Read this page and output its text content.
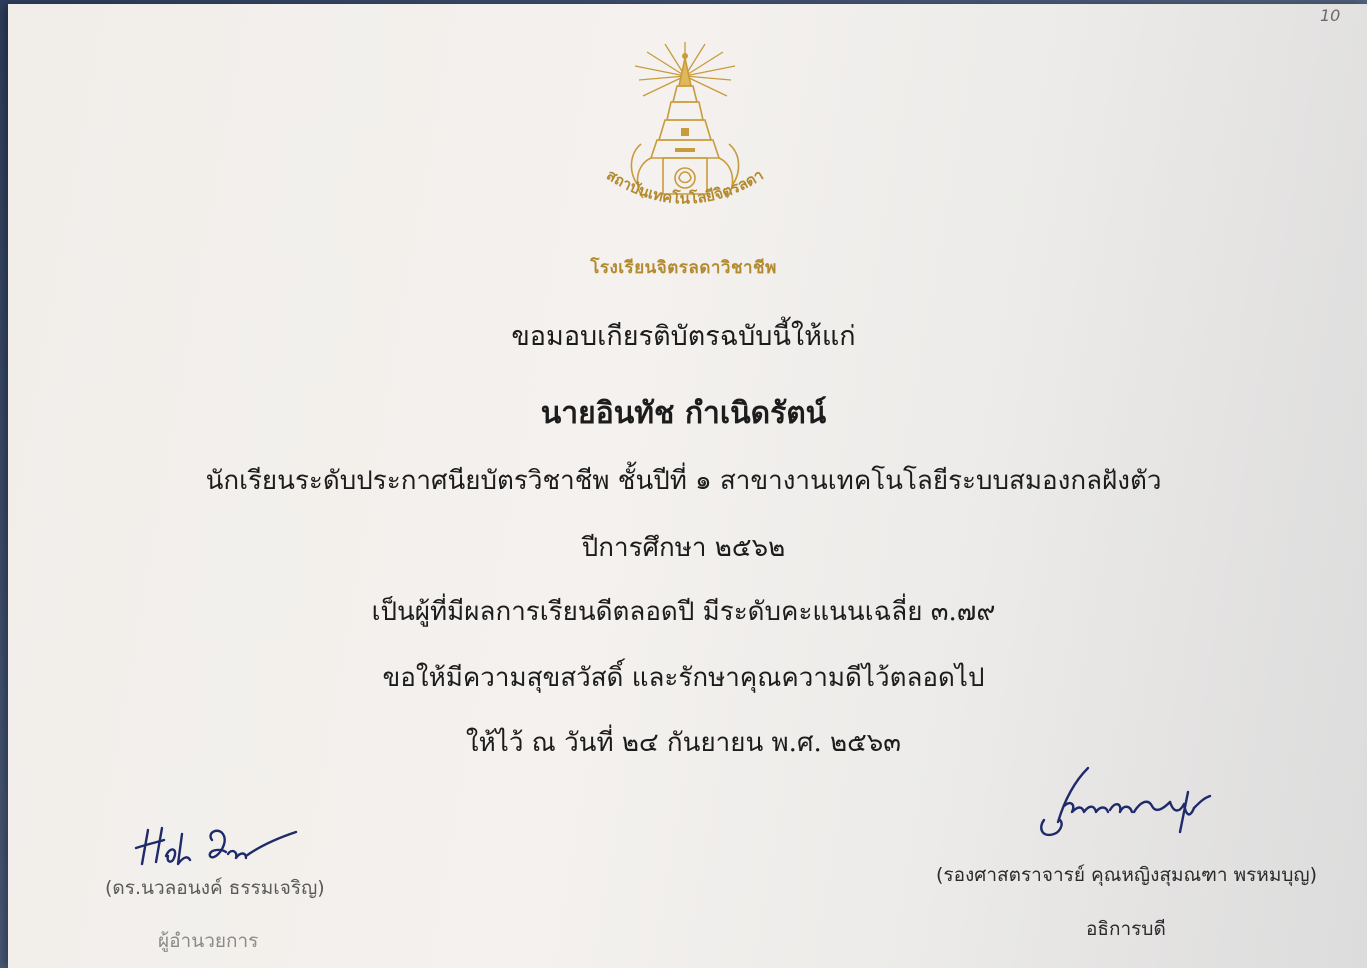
10
สถาบันเทคโนโลยีจิตรลดา
โรงเรียนจิตรลดาวิชาชีพ
ขอมอบเกียรติบัตรฉบับนี้ให้แก่
นายอินทัช กำเนิดรัตน์
นักเรียนระดับประกาศนียบัตรวิชาชีพ ชั้นปีที่ ๑ สาขางานเทคโนโลยีระบบสมองกลฝังตัว
ปีการศึกษา ๒๕๖๒
เป็นผู้ที่มีผลการเรียนดีตลอดปี มีระดับคะแนนเฉลี่ย ๓.๗๙
ขอให้มีความสุขสวัสดิ์ และรักษาคุณความดีไว้ตลอดไป
ให้ไว้ ณ วันที่ ๒๔ กันยายน พ.ศ. ๒๕๖๓
(ดร.นวลอนงค์ ธรรมเจริญ)
ผู้อำนวยการ
(รองศาสตราจารย์ คุณหญิงสุมณฑา พรหมบุญ)
อธิการบดี
